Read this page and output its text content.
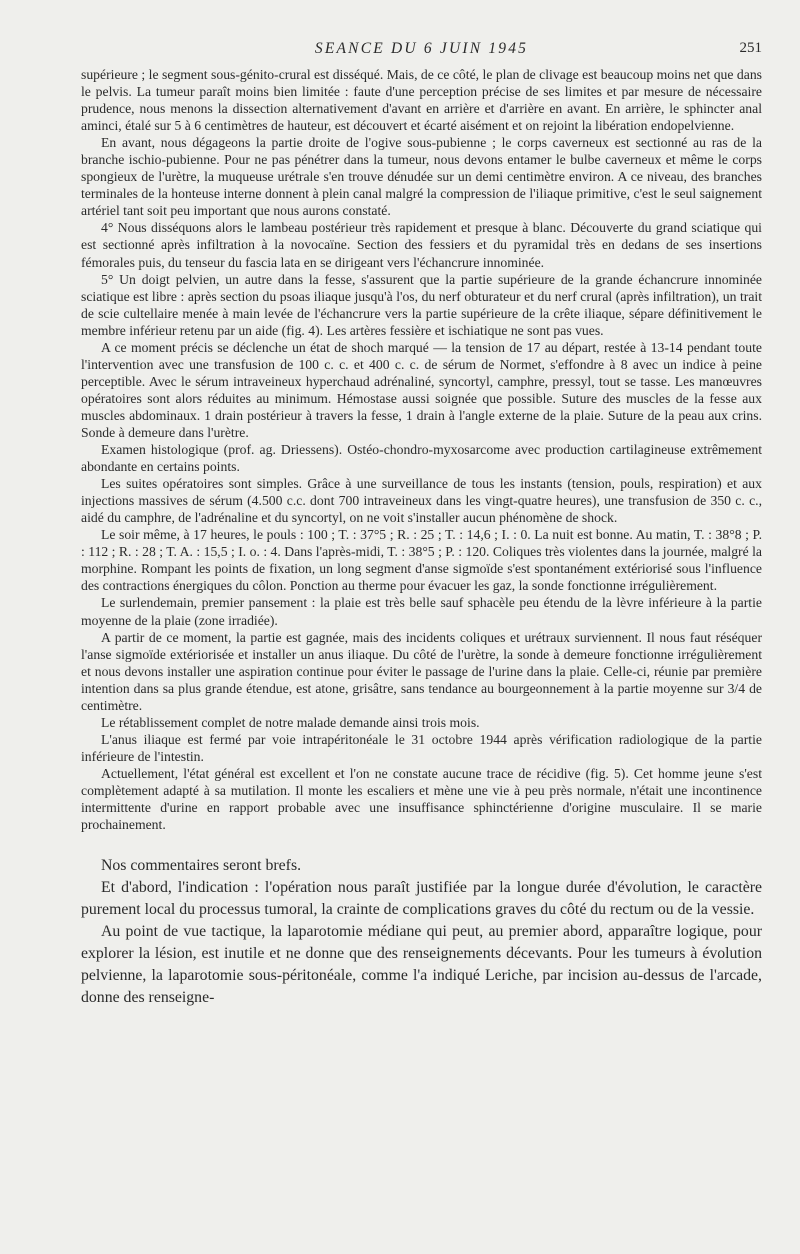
SEANCE DU 6 JUIN 1945	251

supérieure ; le segment sous-génito-crural est disséqué. Mais, de ce côté, le plan de clivage est beaucoup moins net que dans le pelvis. La tumeur paraît moins bien limitée : faute d'une perception précise de ses limites et par mesure de nécessaire prudence, nous menons la dissection alternativement d'avant en arrière et d'arrière en avant. En arrière, le sphincter anal aminci, étalé sur 5 à 6 centimètres de hauteur, est découvert et écarté aisément et on rejoint la libération endopelvienne.

En avant, nous dégageons la partie droite de l'ogive sous-pubienne ; le corps caverneux est sectionné au ras de la branche ischio-pubienne. Pour ne pas pénétrer dans la tumeur, nous devons entamer le bulbe caverneux et même le corps spongieux de l'urètre, la muqueuse urétrale s'en trouve dénudée sur un demi centimètre environ. A ce niveau, des branches terminales de la honteuse interne donnent à plein canal malgré la compression de l'iliaque primitive, c'est le seul saignement artériel tant soit peu important que nous aurons constaté.

4° Nous disséquons alors le lambeau postérieur très rapidement et presque à blanc. Découverte du grand sciatique qui est sectionné après infiltration à la novocaïne. Section des fessiers et du pyramidal très en dedans de ses insertions fémorales puis, du tenseur du fascia lata en se dirigeant vers l'échancrure innominée.

5° Un doigt pelvien, un autre dans la fesse, s'assurent que la partie supérieure de la grande échancrure innominée sciatique est libre : après section du psoas iliaque jusqu'à l'os, du nerf obturateur et du nerf crural (après infiltration), un trait de scie cultellaire menée à main levée de l'échancrure vers la partie supérieure de la crête iliaque, sépare définitivement le membre inférieur retenu par un aide (fig. 4). Les artères fessière et ischiatique ne sont pas vues.

A ce moment précis se déclenche un état de shoch marqué — la tension de 17 au départ, restée à 13-14 pendant toute l'intervention avec une transfusion de 100 c. c. et 400 c. c. de sérum de Normet, s'effondre à 8 avec un indice à peine perceptible. Avec le sérum intraveineux hyperchaud adrénaliné, syncortyl, camphre, pressyl, tout se tasse. Les manœuvres opératoires sont alors réduites au minimum. Hémostase aussi soignée que possible. Suture des muscles de la fesse aux muscles abdominaux. 1 drain postérieur à travers la fesse, 1 drain à l'angle externe de la plaie. Suture de la peau aux crins. Sonde à demeure dans l'urètre.

Examen histologique (prof. ag. Driessens). Ostéo-chondro-myxosarcome avec production cartilagineuse extrêmement abondante en certains points.

Les suites opératoires sont simples. Grâce à une surveillance de tous les instants (tension, pouls, respiration) et aux injections massives de sérum (4.500 c.c. dont 700 intraveineux dans les vingt-quatre heures), une transfusion de 350 c. c., aidé du camphre, de l'adrénaline et du syncortyl, on ne voit s'installer aucun phénomène de shock.

Le soir même, à 17 heures, le pouls : 100 ; T. : 37°5 ; R. : 25 ; T. : 14,6 ; I. : 0. La nuit est bonne. Au matin, T. : 38°8 ; P. : 112 ; R. : 28 ; T. A. : 15,5 ; I. o. : 4. Dans l'après-midi, T. : 38°5 ; P. : 120. Coliques très violentes dans la journée, malgré la morphine. Rompant les points de fixation, un long segment d'anse sigmoïde s'est spontanément extériorisé sous l'influence des contractions énergiques du côlon. Ponction au therme pour évacuer les gaz, la sonde fonctionne irrégulièrement.

Le surlendemain, premier pansement : la plaie est très belle sauf sphacèle peu étendu de la lèvre inférieure à la partie moyenne de la plaie (zone irradiée).

A partir de ce moment, la partie est gagnée, mais des incidents coliques et urétraux surviennent. Il nous faut réséquer l'anse sigmoïde extériorisée et installer un anus iliaque. Du côté de l'urètre, la sonde à demeure fonctionne irrégulièrement et nous devons installer une aspiration continue pour éviter le passage de l'urine dans la plaie. Celle-ci, réunie par première intention dans sa plus grande étendue, est atone, grisâtre, sans tendance au bourgeonnement à la partie moyenne sur 3/4 de centimètre.

Le rétablissement complet de notre malade demande ainsi trois mois.

L'anus iliaque est fermé par voie intrapéritonéale le 31 octobre 1944 après vérification radiologique de la partie inférieure de l'intestin.

Actuellement, l'état général est excellent et l'on ne constate aucune trace de récidive (fig. 5). Cet homme jeune s'est complètement adapté à sa mutilation. Il monte les escaliers et mène une vie à peu près normale, n'était une incontinence intermittente d'urine en rapport probable avec une insuffisance sphinctérienne d'origine musculaire. Il se marie prochainement.

Nos commentaires seront brefs.

Et d'abord, l'indication : l'opération nous paraît justifiée par la longue durée d'évolution, le caractère purement local du processus tumoral, la crainte de complications graves du côté du rectum ou de la vessie.

Au point de vue tactique, la laparotomie médiane qui peut, au premier abord, apparaître logique, pour explorer la lésion, est inutile et ne donne que des renseignements décevants. Pour les tumeurs à évolution pelvienne, la laparotomie sous-péritonéale, comme l'a indiqué Leriche, par incision au-dessus de l'arcade, donne des renseigne-
